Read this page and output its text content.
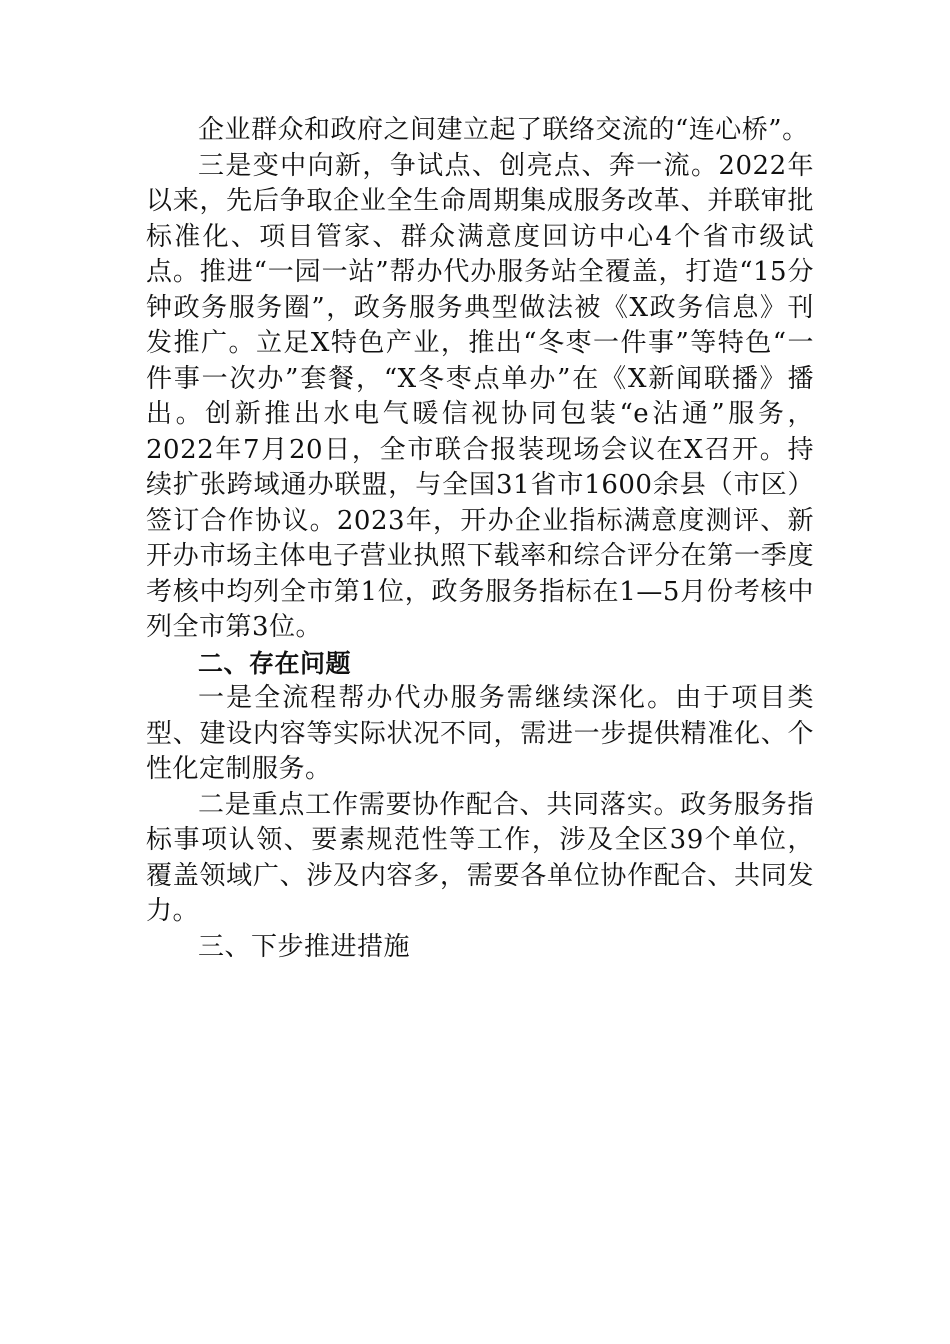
企业群众和政府之间建立起了联络交流的“连心桥”。

三是变中向新，争试点、创亮点、奔一流。2022年以来，先后争取企业全生命周期集成服务改革、并联审批标准化、项目管家、群众满意度回访中心4个省市级试点。推进“一园一站”帮办代办服务站全覆盖，打造“15分钟政务服务圈”，政务服务典型做法被《X政务信息》刊发推广。立足X特色产业，推出“冬枣一件事”等特色“一件事一次办”套餐，“X冬枣点单办”在《X新闻联播》播出。创新推出水电气暖信视协同包装“e沾通”服务，2022年7月20日，全市联合报装现场会议在X召开。持续扩张跨域通办联盟，与全国31省市1600余县（市区）签订合作协议。2023年，开办企业指标满意度测评、新开办市场主体电子营业执照下载率和综合评分在第一季度考核中均列全市第1位，政务服务指标在1—5月份考核中列全市第3位。

二、存在问题

一是全流程帮办代办服务需继续深化。由于项目类型、建设内容等实际状况不同，需进一步提供精准化、个性化定制服务。

二是重点工作需要协作配合、共同落实。政务服务指标事项认领、要素规范性等工作，涉及全区39个单位，覆盖领域广、涉及内容多，需要各单位协作配合、共同发力。

三、下步推进措施
